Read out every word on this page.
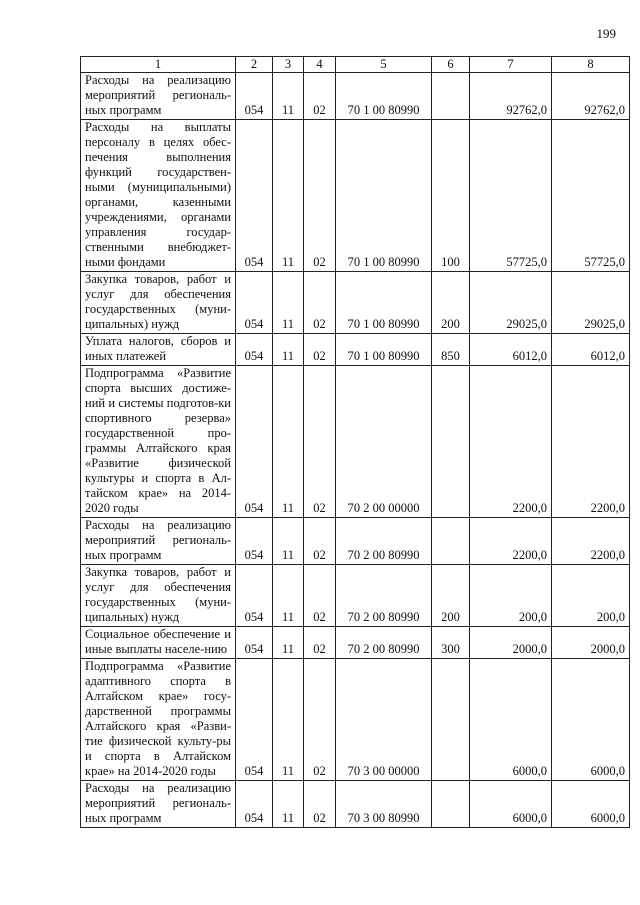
199
1	2	3	4	5	6	7	8
Расходы на реализацию мероприятий региональ-ных программ	054	11	02	70 1 00 80990		92762,0	92762,0
Расходы на выплаты персоналу в целях обес-печения выполнения функций государствен-ными (муниципальными) органами, казенными учреждениями, органами управления государ-ственными внебюджет-ными фондами	054	11	02	70 1 00 80990	100	57725,0	57725,0
Закупка товаров, работ и услуг для обеспечения государственных (муни-ципальных) нужд	054	11	02	70 1 00 80990	200	29025,0	29025,0
Уплата налогов, сборов и иных платежей	054	11	02	70 1 00 80990	850	6012,0	6012,0
Подпрограмма «Развитие спорта высших достиже-ний и системы подготов-ки спортивного резерва» государственной про-граммы Алтайского края «Развитие физической культуры и спорта в Ал-тайском крае» на 2014-2020 годы	054	11	02	70 2 00 00000		2200,0	2200,0
Расходы на реализацию мероприятий региональ-ных программ	054	11	02	70 2 00 80990		2200,0	2200,0
Закупка товаров, работ и услуг для обеспечения государственных (муни-ципальных) нужд	054	11	02	70 2 00 80990	200	200,0	200,0
Социальное обеспечение и иные выплаты населе-нию	054	11	02	70 2 00 80990	300	2000,0	2000,0
Подпрограмма «Развитие адаптивного спорта в Алтайском крае» госу-дарственной программы Алтайского края «Разви-тие физической культу-ры и спорта в Алтайском крае» на 2014-2020 годы	054	11	02	70 3 00 00000		6000,0	6000,0
Расходы на реализацию мероприятий региональ-ных программ	054	11	02	70 3 00 80990		6000,0	6000,0
